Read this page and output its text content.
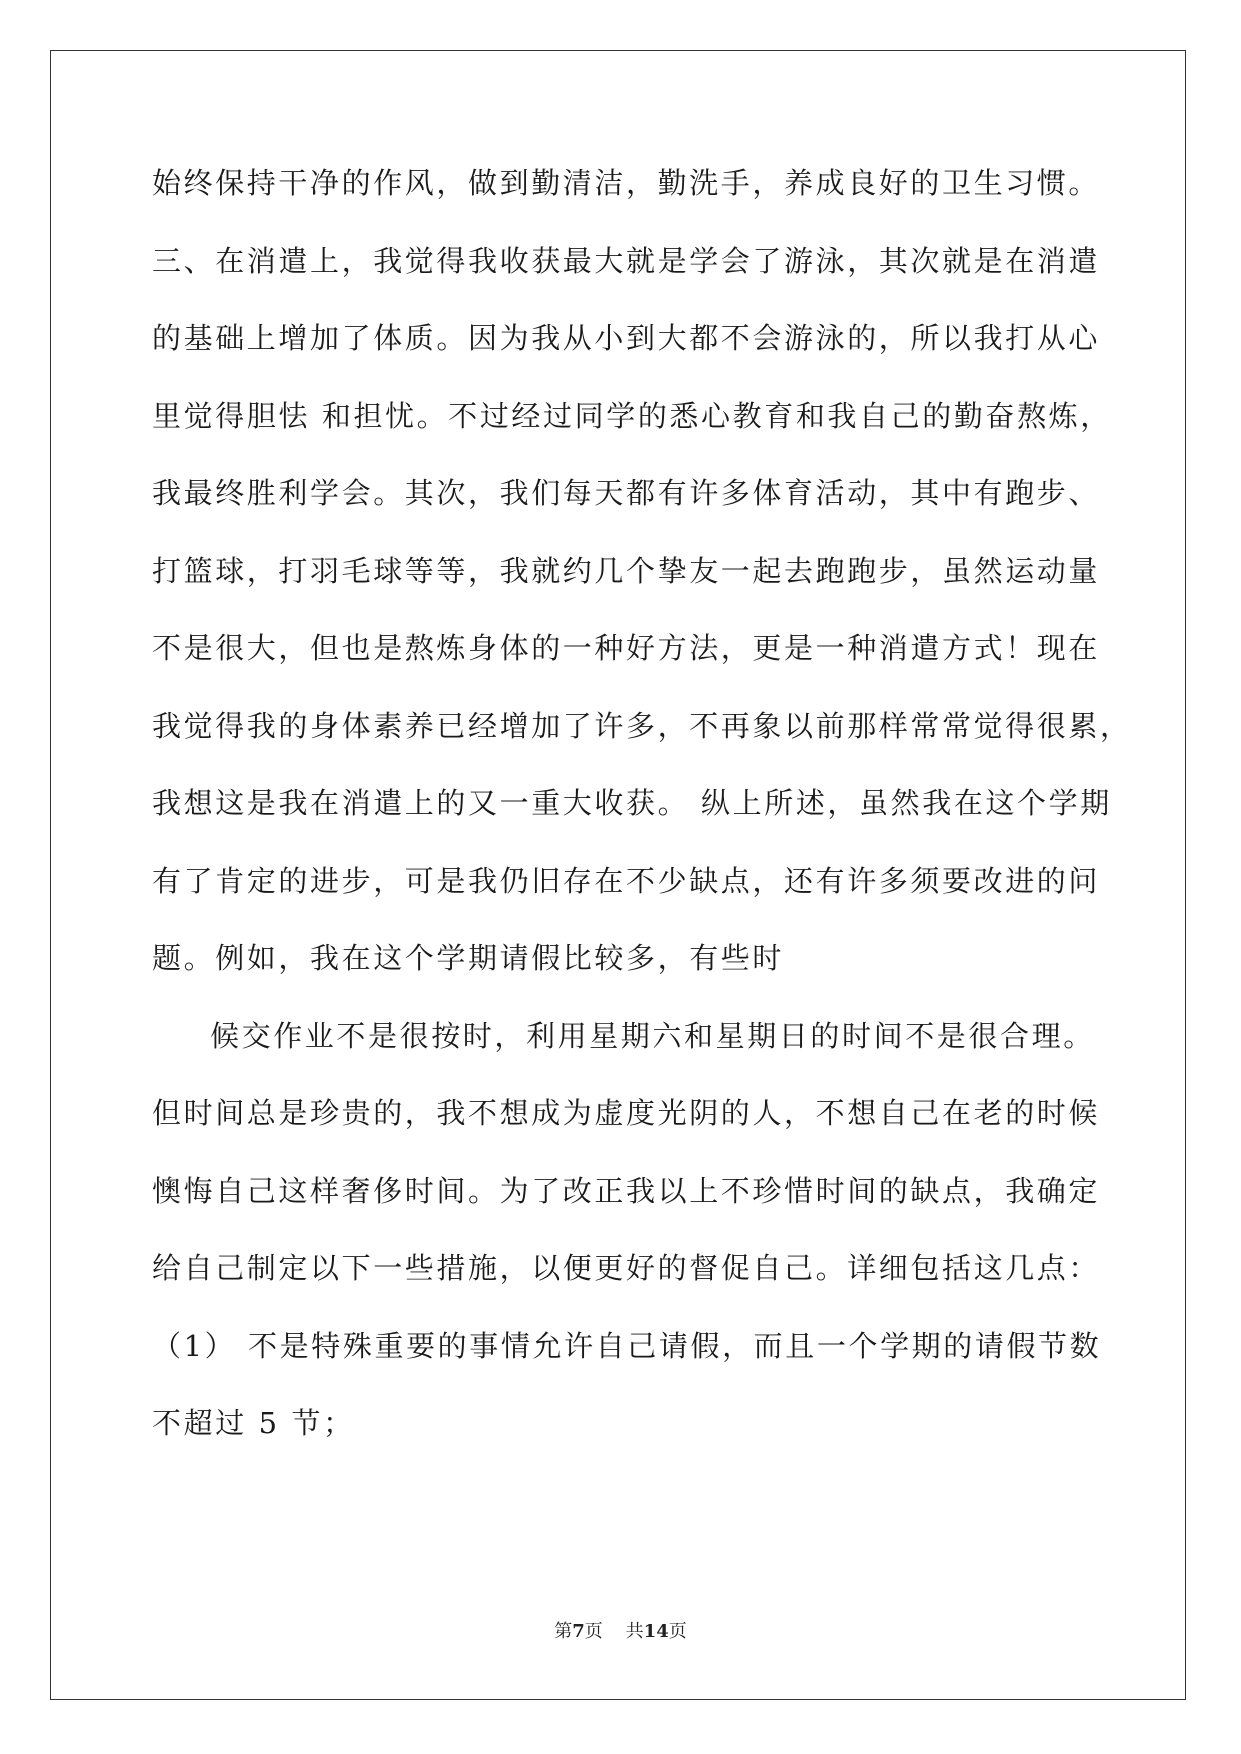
始终保持干净的作风，做到勤清洁，勤洗手，养成良好的卫生习惯。
三、在消遣上，我觉得我收获最大就是学会了游泳，其次就是在消遣
的基础上增加了体质。因为我从小到大都不会游泳的，所以我打从心
里觉得胆怯 和担忧。不过经过同学的悉心教育和我自己的勤奋熬炼，
我最终胜利学会。其次，我们每天都有许多体育活动，其中有跑步、
打篮球，打羽毛球等等，我就约几个挚友一起去跑跑步，虽然运动量
不是很大，但也是熬炼身体的一种好方法，更是一种消遣方式！现在
我觉得我的身体素养已经增加了许多，不再象以前那样常常觉得很累，
我想这是我在消遣上的又一重大收获。 纵上所述，虽然我在这个学期
有了肯定的进步，可是我仍旧存在不少缺点，还有许多须要改进的问
题。例如，我在这个学期请假比较多，有些时
候交作业不是很按时，利用星期六和星期日的时间不是很合理。
但时间总是珍贵的，我不想成为虚度光阴的人，不想自己在老的时候
懊悔自己这样奢侈时间。为了改正我以上不珍惜时间的缺点，我确定
给自己制定以下一些措施，以便更好的督促自己。详细包括这几点：
（1） 不是特殊重要的事情允许自己请假，而且一个学期的请假节数
不超过 5 节；
第7页    共14页
